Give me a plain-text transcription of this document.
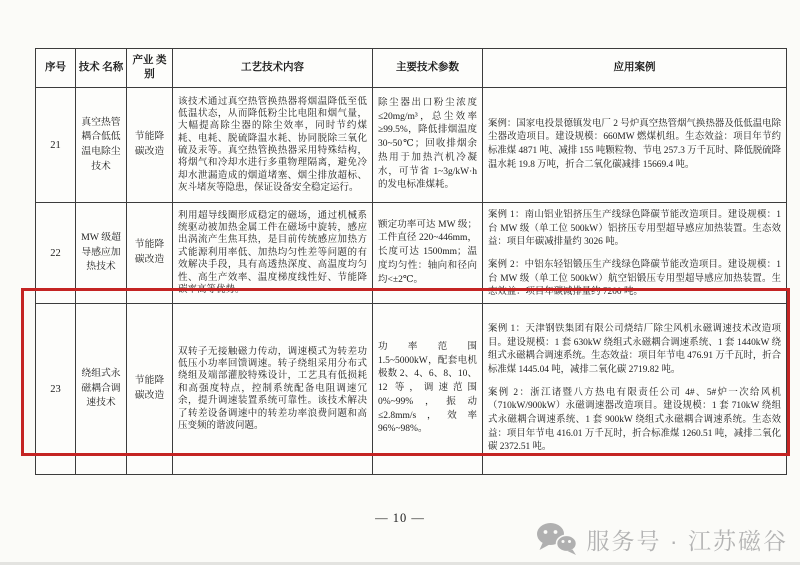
序号	技术 名称	产业 类别	工艺技术内容	主要技术参数	应用案例
21	真空热管耦合低低温电除尘技术	节能降碳改造	该技术通过真空热管换热器将烟温降低至低低温状态，从而降低粉尘比电阻和烟气量，大幅提高除尘器的除尘效率，同时节约煤耗、电耗、脱硫降温水耗、协同脱除三氧化硫及汞等。真空热管换热器采用特殊结构，将烟气和冷却水进行多重物理隔离，避免冷却水泄漏造成的烟道堵塞、烟尘排放超标、灰斗堵灰等隐患，保证设备安全稳定运行。	除尘器出口粉尘浓度≤20mg/m³，总尘效率≥99.5%，降低排烟温度 30~50℃；回收排烟余热用于加热汽机冷凝水，可节省 1~3g/kW·h 的发电标准煤耗。	案例：国家电投景德镇发电厂 2 号炉真空热管烟气换热器及低低温电除尘器改造项目。建设规模：660MW 燃煤机组。生态效益：项目年节约标准煤 4871 吨、减排 155 吨颗粒物、节电 257.3 万千瓦时、降低脱硫降温水耗 19.8 万吨，折合二氧化碳减排 15669.4 吨。

22	MW 级超导感应加热技术	节能降碳改造	利用超导线圈形成稳定的磁场，通过机械系统驱动被加热金属工件在磁场中旋转，感应出涡流产生焦耳热，是目前传统感应加热方式能源利用率低、加热均匀性差等问题的有效解决手段，具有高透热深度、高温度均匀性、高生产效率、温度梯度线性好、节能降碳率高等优势。	额定功率可达 MW 级；工件直径 220~446mm，长度可达 1500mm；温度均匀性：轴向和径向均<±2℃。	案例 1：南山铝业铝挤压生产线绿色降碳节能改造项目。建设规模：1 台 MW 级（单工位 500kW）铝挤压专用型超导感应加热装置。生态效益：项目年碳减排量约 3026 吨。

案例 2：中铝东轻铝锻压生产线绿色降碳节能改造项目。建设规模：1 台 MW 级（单工位 500kW）航空铝锻压专用型超导感应加热装置。生态效益：项目年碳减排量约 7200 吨。

23	绕组式永磁耦合调速技术	节能降碳改造	双转子无接触磁力传动，调速模式为转差功低压小功率回馈调速。转子绕组采用分布式绕组及端部灌胶特殊设计，工艺具有低损耗和高强度特点，控制系统配备电阻调速冗余，提升调速装置系统可靠性。该技术解决了转差设备调速中的转差功率浪费问题和高压变频的谐波问题。	功率范围 1.5~5000kW，配套电机极数 2、4、6、8、10、12 等，调速范围 0%~99%，振动≤2.8mm/s，效率 96%~98%。	案例 1：天津钢铁集团有限公司烧结厂除尘风机永磁调速技术改造项目。建设规模：1 套 630kW 绕组式永磁耦合调速系统、1 套 1440kW 绕组式永磁耦合调速系统。生态效益：项目年节电 476.91 万千瓦时，折合标准煤 1445.04 吨，减排二氧化碳 2719.82 吨。

案例 2：浙江诸暨八方热电有限责任公司 4#、5#炉一次给风机（710kW/900kW）永磁调速器改造项目。建设规模：1 套 710kW 绕组式永磁耦合调速系统、1 套 900kW 绕组式永磁耦合调速系统。生态效益：项目年节电 416.01 万千瓦时，折合标准煤 1260.51 吨，减排二氧化碳 2372.51 吨。

— 10 —
服务号 · 江苏磁谷
